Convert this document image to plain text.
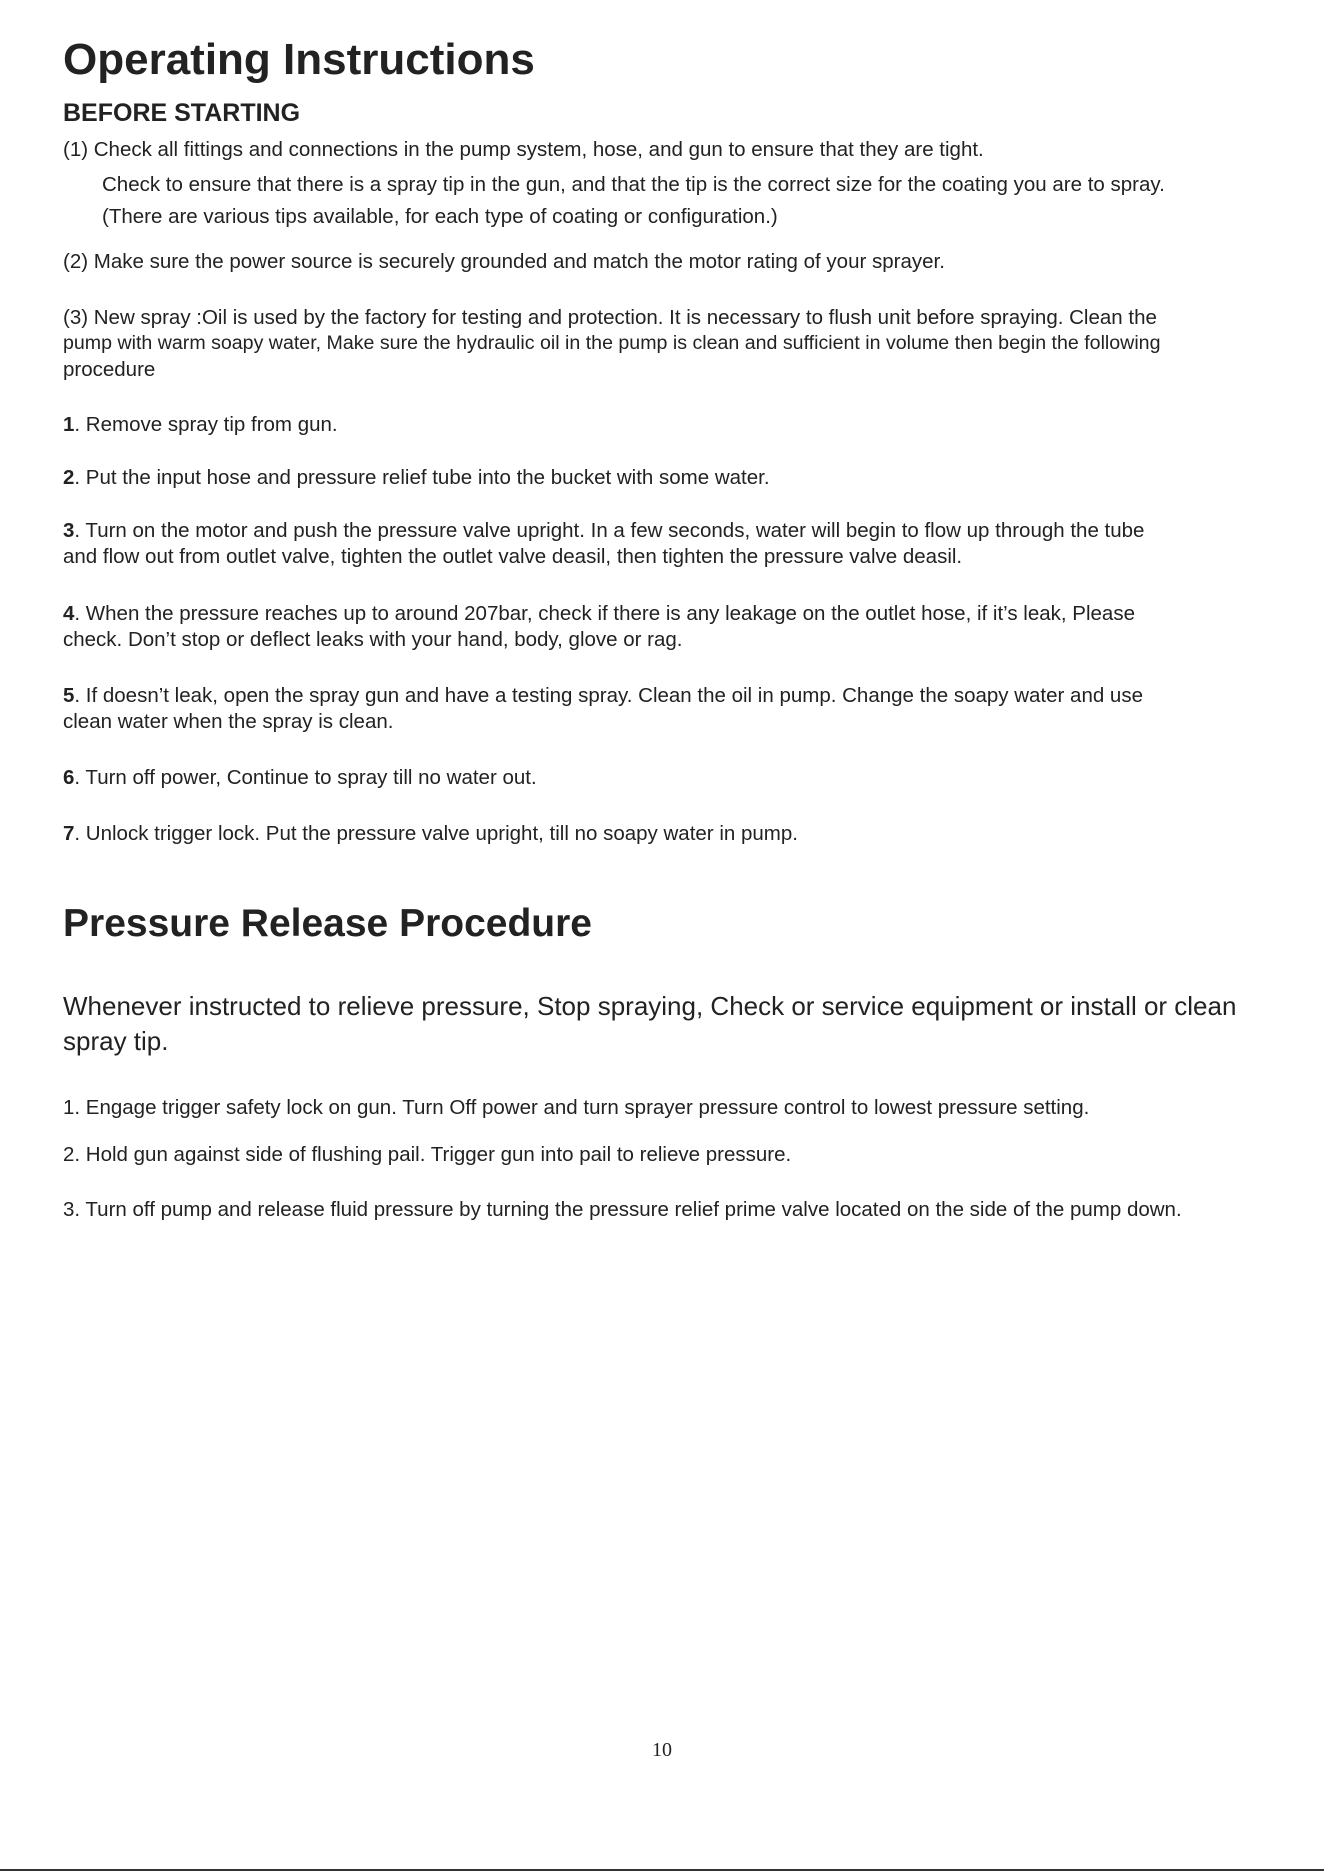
Operating Instructions
BEFORE STARTING

(1) Check all fittings and connections in the pump system, hose, and gun to ensure that they are tight.

Check to ensure that there is a spray tip in the gun, and that the tip is the correct size for the coating you are to spray.

(There are various tips available, for each type of coating or configuration.)

(2) Make sure the power source is securely grounded and match the motor rating of your sprayer.

(3) New spray :Oil is used by the factory for testing and protection. It is necessary to flush unit before spraying. Clean the

pump with warm soapy water, Make sure the hydraulic oil in the pump is clean and sufficient in volume then begin the following

procedure

1. Remove spray tip from gun.
2. Put the input hose and pressure relief tube into the bucket with some water.
3. Turn on the motor and push the pressure valve upright. In a few seconds, water will begin to flow up through the tube

and flow out from outlet valve, tighten the outlet valve deasil, then tighten the pressure valve deasil.

4. When the pressure reaches up to around 207bar, check if there is any leakage on the outlet hose, if it’s leak, Please

check. Don’t stop or deflect leaks with your hand, body, glove or rag.

5. If doesn’t leak, open the spray gun and have a testing spray. Clean the oil in pump. Change the soapy water and use

clean water when the spray is clean.

6. Turn off power, Continue to spray till no water out.
7. Unlock trigger lock. Put the pressure valve upright, till no soapy water in pump.
Pressure Release Procedure

Whenever instructed to relieve pressure, Stop spraying, Check or service equipment or install or clean

spray tip.

1. Engage trigger safety lock on gun. Turn Off power and turn sprayer pressure control to lowest pressure setting.

2. Hold gun against side of flushing pail. Trigger gun into pail to relieve pressure.

3. Turn off pump and release fluid pressure by turning the pressure relief prime valve located on the side of the pump down.

10
